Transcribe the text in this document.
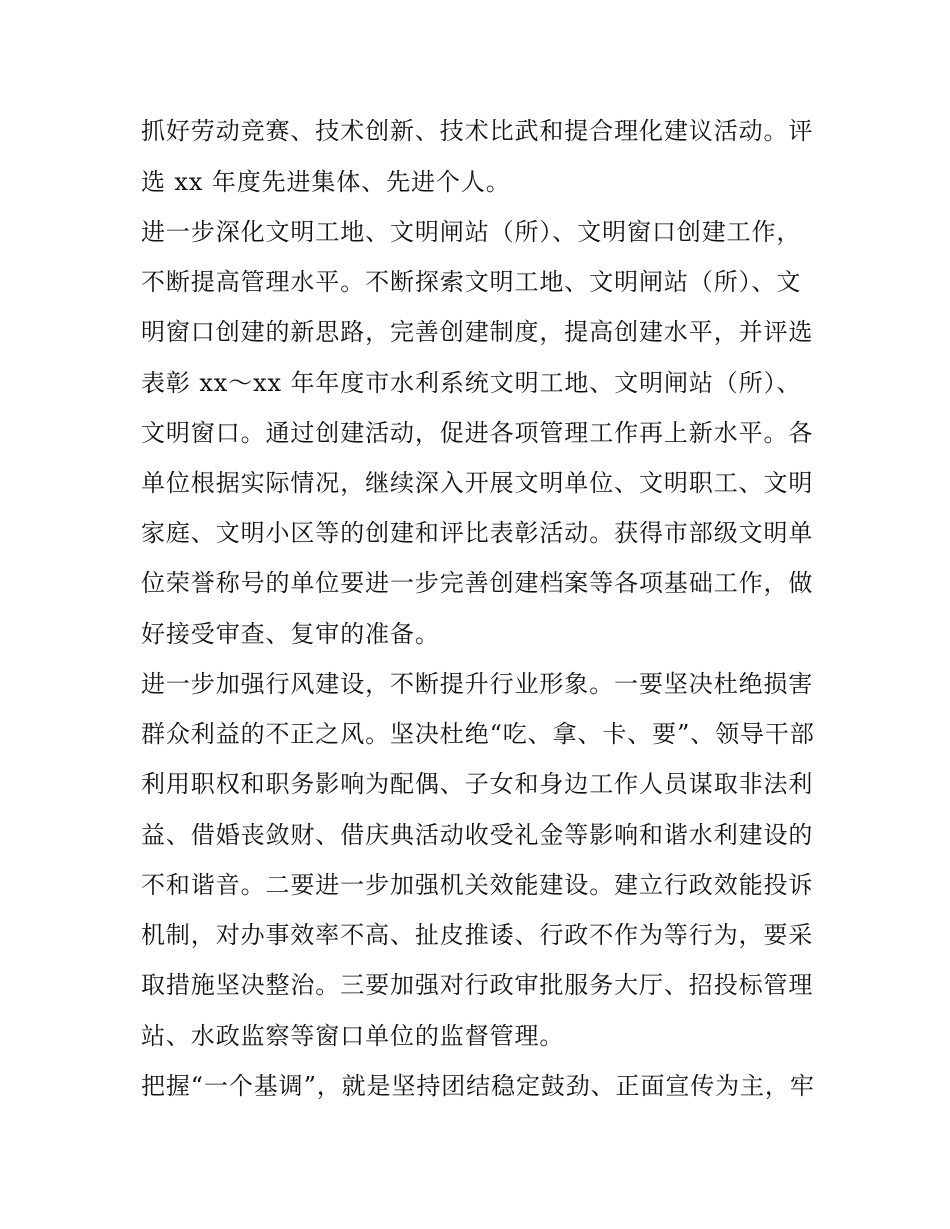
抓好劳动竞赛、技术创新、技术比武和提合理化建议活动。评
选 xx 年度先进集体、先进个人。
进一步深化文明工地、文明闸站（所）、文明窗口创建工作，
不断提高管理水平。不断探索文明工地、文明闸站（所）、文
明窗口创建的新思路，完善创建制度，提高创建水平，并评选
表彰 xx～xx 年年度市水利系统文明工地、文明闸站（所）、
文明窗口。通过创建活动，促进各项管理工作再上新水平。各
单位根据实际情况，继续深入开展文明单位、文明职工、文明
家庭、文明小区等的创建和评比表彰活动。获得市部级文明单
位荣誉称号的单位要进一步完善创建档案等各项基础工作，做
好接受审查、复审的准备。
进一步加强行风建设，不断提升行业形象。一要坚决杜绝损害
群众利益的不正之风。坚决杜绝“吃、拿、卡、要”、领导干部
利用职权和职务影响为配偶、子女和身边工作人员谋取非法利
益、借婚丧敛财、借庆典活动收受礼金等影响和谐水利建设的
不和谐音。二要进一步加强机关效能建设。建立行政效能投诉
机制，对办事效率不高、扯皮推诿、行政不作为等行为，要采
取措施坚决整治。三要加强对行政审批服务大厅、招投标管理
站、水政监察等窗口单位的监督管理。
把握“一个基调”，就是坚持团结稳定鼓劲、正面宣传为主，牢
